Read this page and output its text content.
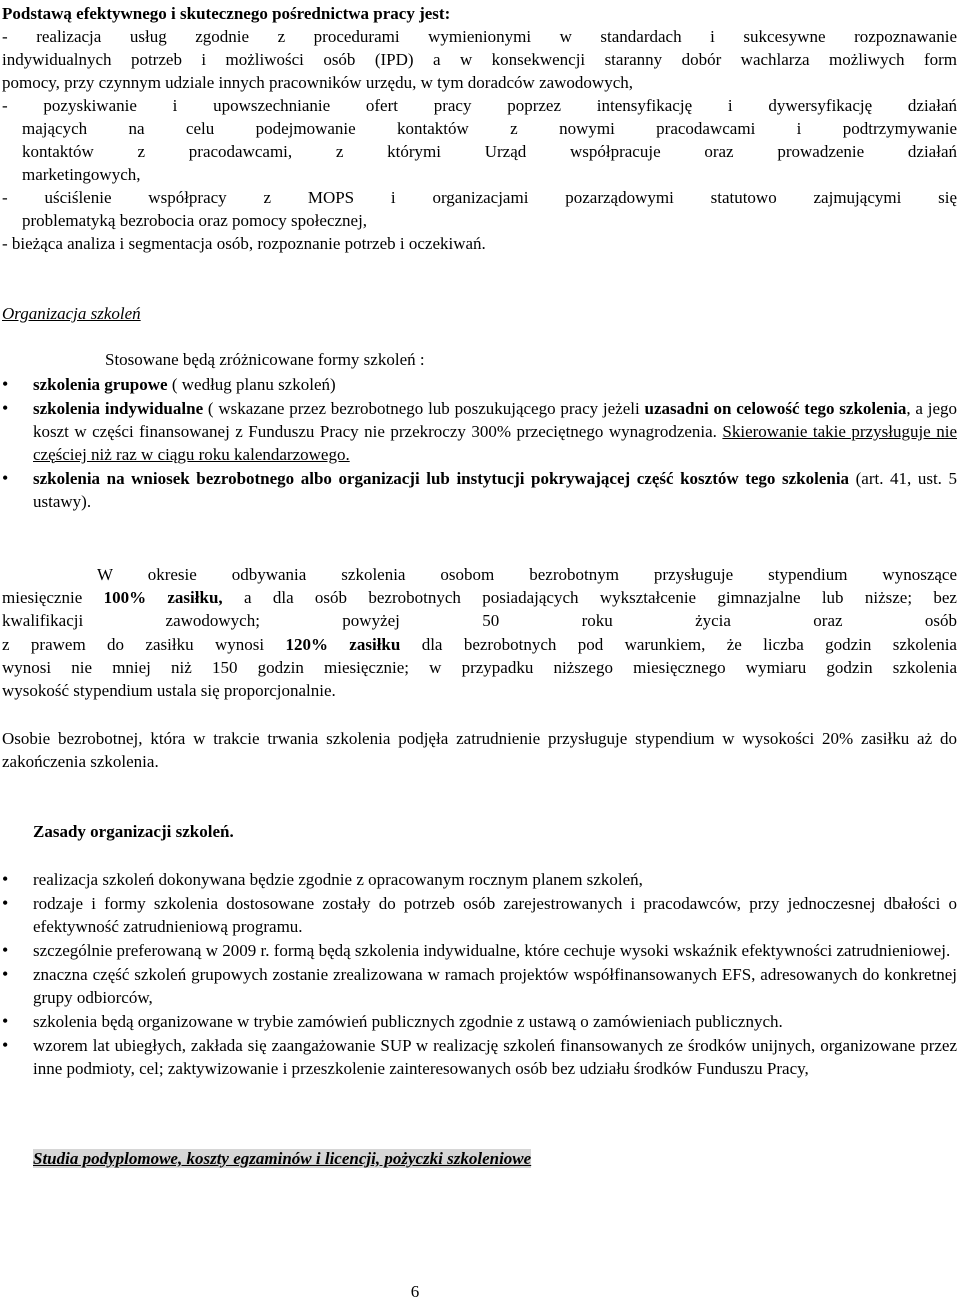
Podstawą efektywnego i skutecznego pośrednictwa pracy jest:

- realizacja usług zgodnie z procedurami wymienionymi w standardach i sukcesywne rozpoznawanie

indywidualnych potrzeb i możliwości osób (IPD) a w konsekwencji staranny dobór wachlarza możliwych form

pomocy, przy czynnym udziale innych pracowników urzędu, w tym doradców zawodowych,

- pozyskiwanie i upowszechnianie ofert pracy poprzez intensyfikację i dywersyfikację działań

mających na celu podejmowanie kontaktów z nowymi pracodawcami i podtrzymywanie

kontaktów z pracodawcami, z którymi Urząd współpracuje oraz prowadzenie działań

marketingowych,

- uściślenie współpracy z MOPS i organizacjami pozarządowymi statutowo zajmującymi się

problematyką bezrobocia oraz pomocy społecznej,

- bieżąca analiza i segmentacja osób, rozpoznanie potrzeb i oczekiwań.

Organizacja szkoleń

Stosowane będą zróżnicowane formy szkoleń :

• szkolenia grupowe ( według planu szkoleń)
• szkolenia indywidualne ( wskazane przez bezrobotnego lub poszukującego pracy jeżeli uzasadni on celowość tego szkolenia, a jego koszt w części finansowanej z Funduszu Pracy nie przekroczy 300% przeciętnego wynagrodzenia. Skierowanie takie przysługuje nie częściej niż raz w ciągu roku kalendarzowego.
• szkolenia na wniosek bezrobotnego albo organizacji lub instytucji pokrywającej część kosztów tego szkolenia (art. 41, ust. 5 ustawy).

W okresie odbywania szkolenia osobom bezrobotnym przysługuje stypendium wynoszące

miesięcznie 100% zasiłku, a dla osób bezrobotnych posiadających wykształcenie gimnazjalne lub niższe; bez

kwalifikacji zawodowych; powyżej 50 roku życia oraz osób

z prawem do zasiłku wynosi 120% zasiłku dla bezrobotnych pod warunkiem, że liczba godzin szkolenia

wynosi nie mniej niż 150 godzin miesięcznie; w przypadku niższego miesięcznego wymiaru godzin szkolenia

wysokość stypendium ustala się proporcjonalnie.

Osobie bezrobotnej, która w trakcie trwania szkolenia podjęła zatrudnienie przysługuje stypendium w wysokości 20% zasiłku aż do zakończenia szkolenia.

Zasady organizacji szkoleń.

• realizacja szkoleń dokonywana będzie zgodnie z opracowanym rocznym planem szkoleń,
• rodzaje i formy szkolenia dostosowane zostały do potrzeb osób zarejestrowanych i pracodawców, przy jednoczesnej dbałości o efektywność zatrudnieniową programu.
• szczególnie preferowaną w 2009 r. formą będą szkolenia indywidualne, które cechuje wysoki wskaźnik efektywności zatrudnieniowej.
• znaczna część szkoleń grupowych zostanie zrealizowana w ramach projektów współfinansowanych EFS, adresowanych do konkretnej grupy odbiorców,
• szkolenia będą organizowane w trybie zamówień publicznych zgodnie z ustawą o zamówieniach publicznych.
• wzorem lat ubiegłych, zakłada się zaangażowanie SUP w realizację szkoleń finansowanych ze środków unijnych, organizowane przez inne podmioty, cel; zaktywizowanie i przeszkolenie zainteresowanych osób bez udziału środków Funduszu Pracy,

Studia podyplomowe, koszty egzaminów i licencji, pożyczki szkoleniowe

6
